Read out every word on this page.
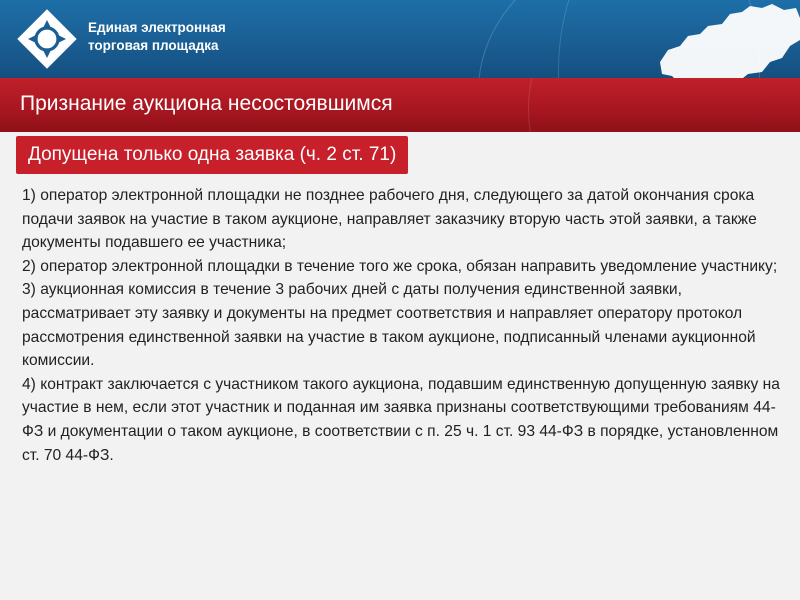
Единая электронная
торговая площадка
Признание аукциона несостоявшимся
Допущена только одна заявка (ч. 2 ст. 71)

1) оператор электронной площадки не позднее рабочего дня, следующего за датой окончания срока подачи заявок на участие в таком аукционе, направляет заказчику вторую часть этой заявки, а также документы подавшего ее участника;

2) оператор электронной площадки в течение того же срока, обязан направить уведомление участнику;

3) аукционная комиссия в течение 3 рабочих дней с даты получения единственной заявки, рассматривает эту заявку и документы на предмет соответствия и направляет оператору протокол рассмотрения единственной заявки на участие в таком аукционе, подписанный членами аукционной комиссии.

4) контракт заключается с участником такого аукциона, подавшим единственную допущенную заявку на участие в нем, если этот участник и поданная им заявка признаны соответствующими требованиям 44-ФЗ и документации о таком аукционе, в соответствии с п. 25 ч. 1 ст. 93 44-ФЗ в порядке, установленном ст. 70 44-ФЗ.
